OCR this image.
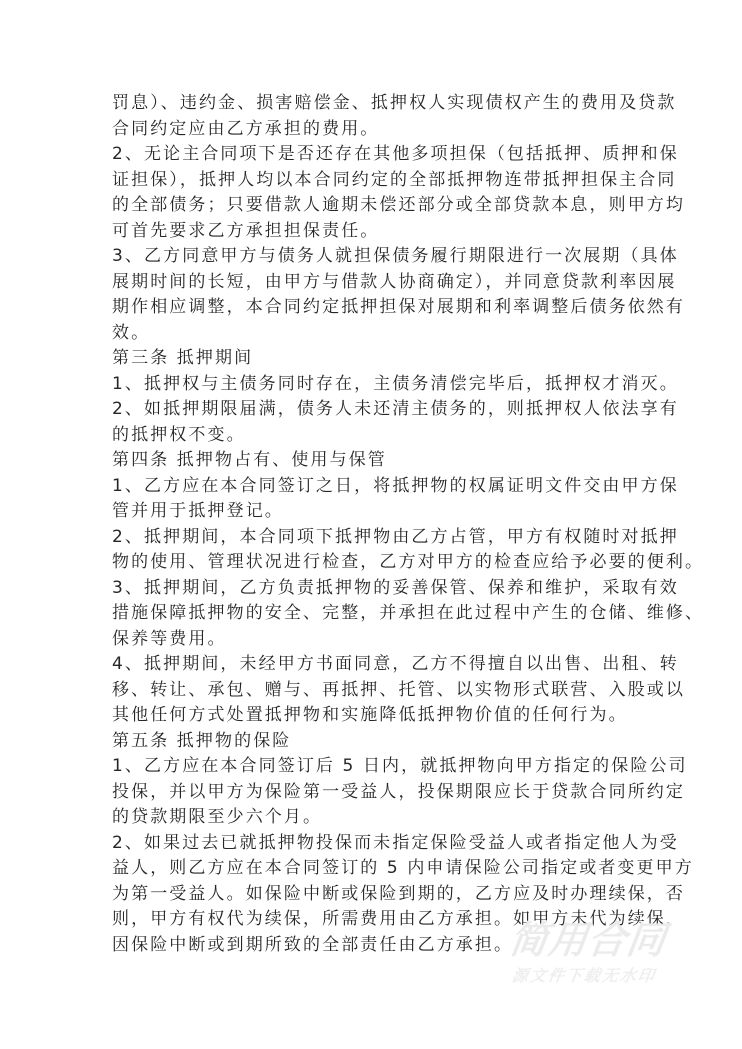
罚息）、违约金、损害赔偿金、抵押权人实现债权产生的费用及贷款
合同约定应由乙方承担的费用。
2、无论主合同项下是否还存在其他多项担保（包括抵押、质押和保
证担保），抵押人均以本合同约定的全部抵押物连带抵押担保主合同
的全部债务；只要借款人逾期未偿还部分或全部贷款本息，则甲方均
可首先要求乙方承担担保责任。
3、乙方同意甲方与债务人就担保债务履行期限进行一次展期（具体
展期时间的长短，由甲方与借款人协商确定），并同意贷款利率因展
期作相应调整，本合同约定抵押担保对展期和利率调整后债务依然有
效。
第三条 抵押期间
1、抵押权与主债务同时存在，主债务清偿完毕后，抵押权才消灭。
2、如抵押期限届满，债务人未还清主债务的，则抵押权人依法享有
的抵押权不变。
第四条 抵押物占有、使用与保管
1、乙方应在本合同签订之日，将抵押物的权属证明文件交由甲方保
管并用于抵押登记。
2、抵押期间，本合同项下抵押物由乙方占管，甲方有权随时对抵押
物的使用、管理状况进行检查，乙方对甲方的检查应给予必要的便利。
3、抵押期间，乙方负责抵押物的妥善保管、保养和维护，采取有效
措施保障抵押物的安全、完整，并承担在此过程中产生的仓储、维修、
保养等费用。
4、抵押期间，未经甲方书面同意，乙方不得擅自以出售、出租、转
移、转让、承包、赠与、再抵押、托管、以实物形式联营、入股或以
其他任何方式处置抵押物和实施降低抵押物价值的任何行为。
第五条 抵押物的保险
1、乙方应在本合同签订后 5 日内，就抵押物向甲方指定的保险公司
投保，并以甲方为保险第一受益人，投保期限应长于贷款合同所约定
的贷款期限至少六个月。
2、如果过去已就抵押物投保而未指定保险受益人或者指定他人为受
益人，则乙方应在本合同签订的 5 内申请保险公司指定或者变更甲方
为第一受益人。如保险中断或保险到期的，乙方应及时办理续保，否
则，甲方有权代为续保，所需费用由乙方承担。如甲方未代为续保，
因保险中断或到期所致的全部责任由乙方承担。
简用合同
源文件下载无水印
